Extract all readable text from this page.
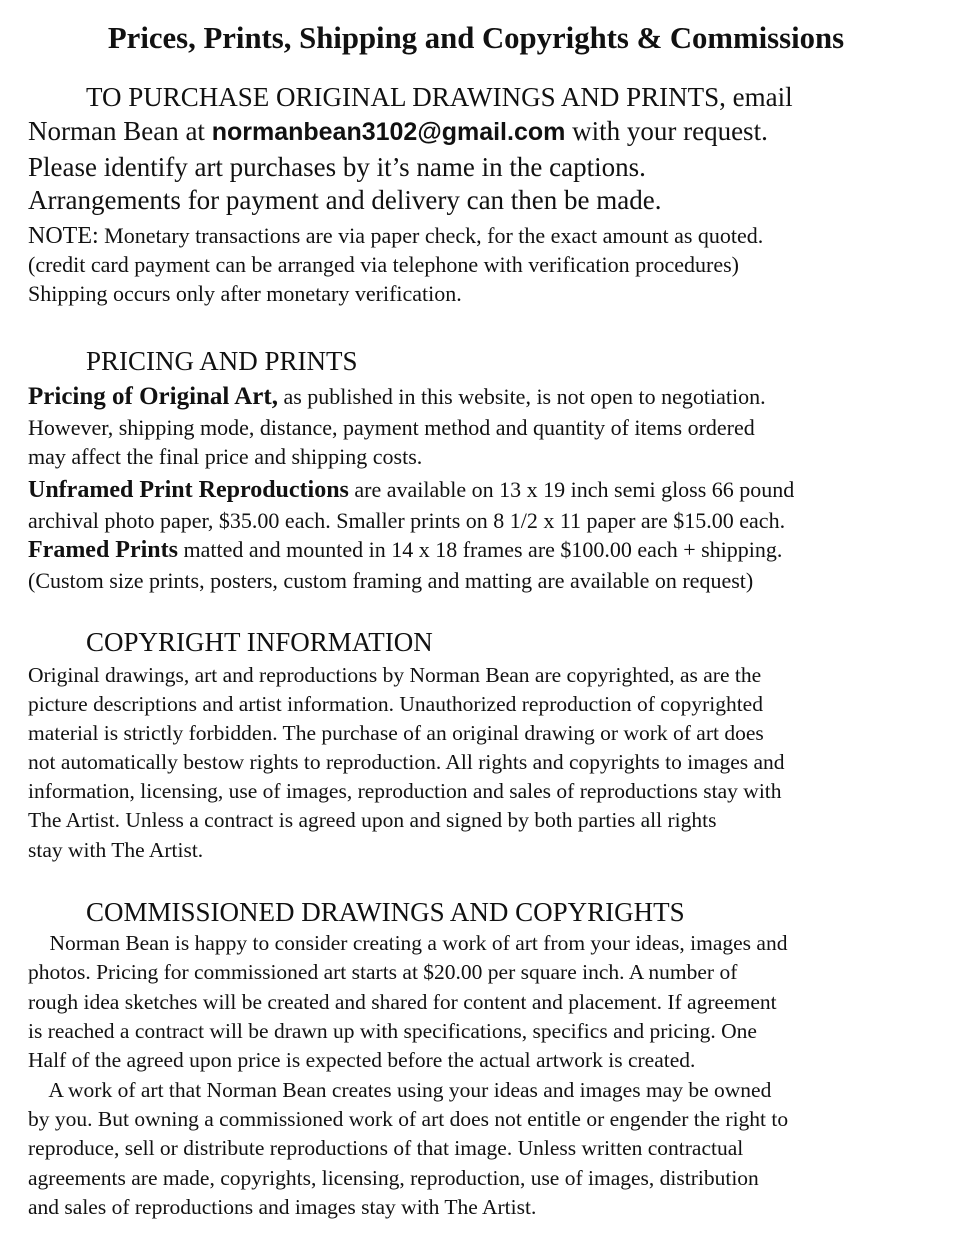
Prices, Prints, Shipping and Copyrights & Commissions
TO PURCHASE ORIGINAL DRAWINGS AND PRINTS, email
Norman Bean at normanbean3102@gmail.com with your request.
Please identify art purchases by it’s name in the captions.
Arrangements for payment and delivery can then be made.
NOTE: Monetary transactions are via paper check, for the exact amount as quoted.
(credit card payment can be arranged via telephone with verification procedures)
Shipping occurs only after monetary verification.
PRICING AND PRINTS
Pricing of Original Art, as published in this website, is not open to negotiation.
However, shipping mode, distance, payment method and quantity of items ordered
may affect the final price and shipping costs.
Unframed Print Reproductions are available on 13 x 19 inch semi gloss 66 pound
archival photo paper, $35.00 each. Smaller prints on 8 1/2 x 11 paper are $15.00 each.
Framed Prints matted and mounted in 14 x 18 frames are $100.00 each + shipping.
(Custom size prints, posters, custom framing and matting are available on request)
COPYRIGHT INFORMATION
Original drawings, art and reproductions by Norman Bean are copyrighted, as are the
picture descriptions and artist information. Unauthorized reproduction of copyrighted
material is strictly forbidden. The purchase of an original drawing or work of art does
not automatically bestow rights to reproduction. All rights and copyrights to images and
information, licensing, use of images, reproduction and sales of reproductions stay with
The Artist. Unless a contract is agreed upon and signed by both parties all rights
stay with The Artist.
COMMISSIONED DRAWINGS AND COPYRIGHTS
Norman Bean is happy to consider creating a work of art from your ideas, images and
photos. Pricing for commissioned art starts at $20.00 per square inch. A number of
rough idea sketches will be created and shared for content and placement. If agreement
is reached a contract will be drawn up with specifications, specifics and pricing. One
Half of the agreed upon price is expected before the actual artwork is created.
A work of art that Norman Bean creates using your ideas and images may be owned
by you. But owning a commissioned work of art does not entitle or engender the right to
reproduce, sell or distribute reproductions of that image. Unless written contractual
agreements are made, copyrights, licensing, reproduction, use of images, distribution
and sales of reproductions and images stay with The Artist.
